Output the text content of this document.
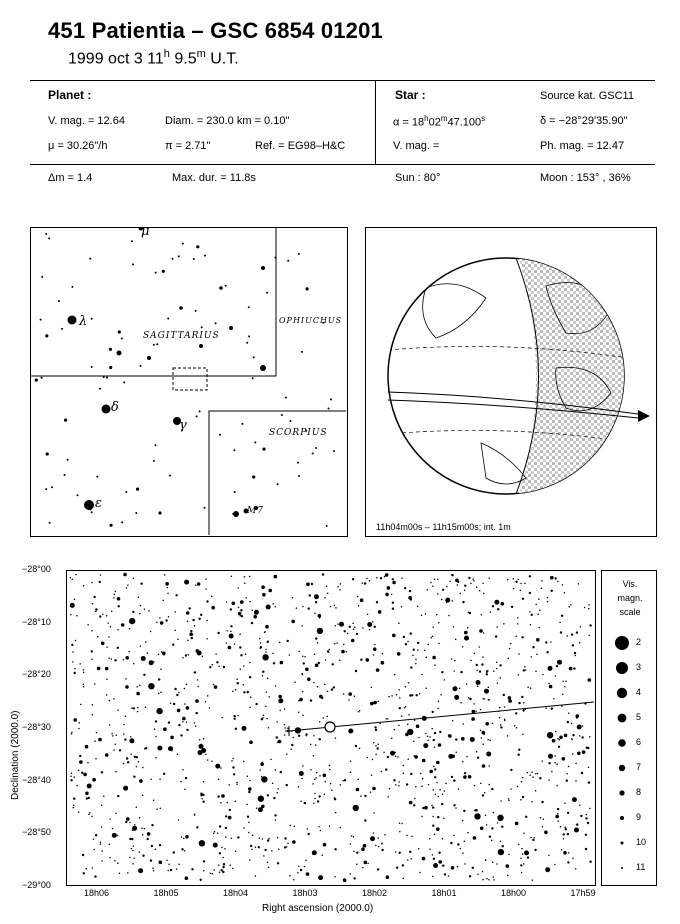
451 Patientia – GSC 6854 01201
1999 oct 3 11$^h$ 9.5$^m$ U.T.
Planet :
V. mag. = 12.64	Diam. = 230.0 km = 0.10"
μ = 30.26"/h	π = 2.71"	Ref. = EG98–H&C
Star :	Source kat. GSC11
$\alpha = 18^h02^m47.100^s$	δ = −28°29'35.90"
V. mag. =	Ph. mag. = 12.47
Δm = 1.4	Max. dur. = 11.8s	Sun : 80°	Moon : 153° , 36%
SAGITTARIUS
OPHIUCHUS
SCORPIUS
λ
δ
γ
ε
μ
M7
11h04m00s – 11h15m00s; int. 1m
−28°00
−28°10
−28°20
−28°30
−28°40
−28°50
−29°00
Declination (2000.0)
18h06	18h05	18h04	18h03	18h02	18h01	18h00	17h59
Right ascension (2000.0)
Vis.
magn.
scale
2
3
4
5
6
7
8
9
10
11
